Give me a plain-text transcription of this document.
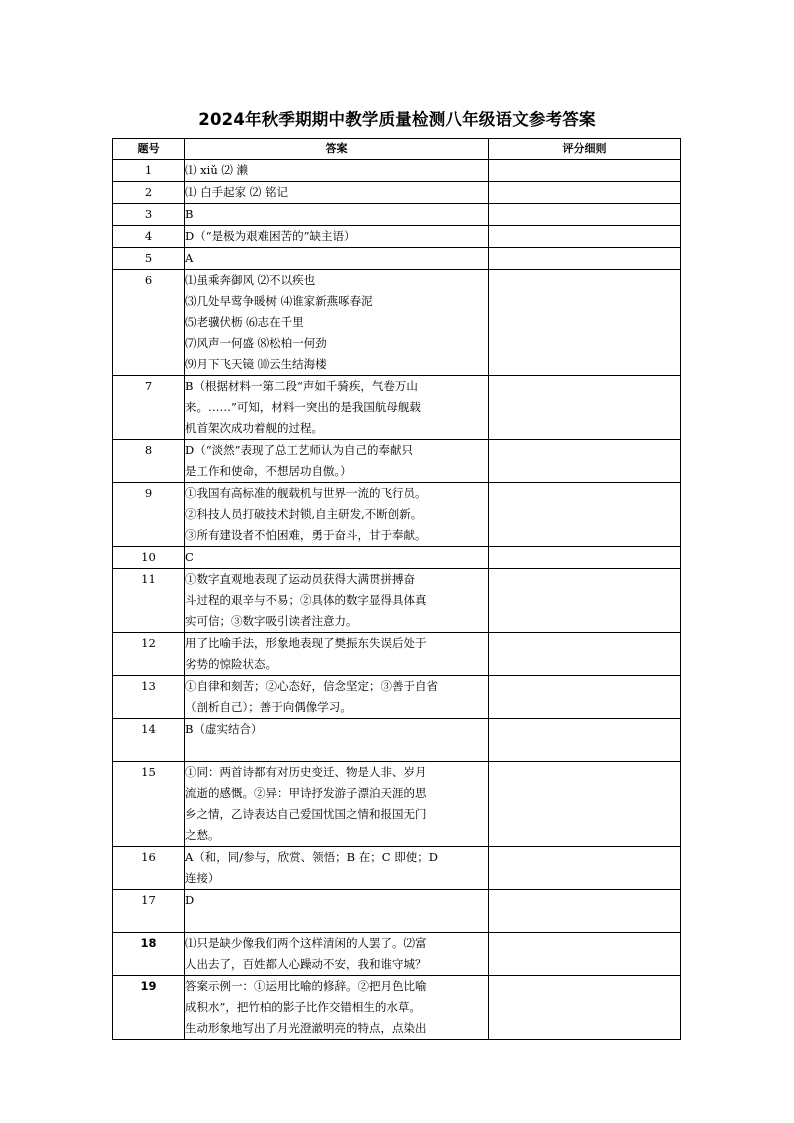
2024年秋季期期中教学质量检测八年级语文参考答案
题号	答案	评分细则
1	⑴ xiǔ ⑵ 濑	

2	⑴ 白手起家 ⑵ 铭记	

3	B	

4	D（“是极为艰难困苦的”缺主语）	

5	A	

6	⑴虽乘奔御风 ⑵不以疾也
⑶几处早莺争暖树 ⑷谁家新燕啄春泥
⑸老骥伏枥 ⑹志在千里
⑺风声一何盛 ⑻松柏一何劲
⑼月下飞天镜 ⑽云生结海楼	

7	B（根据材料一第二段“声如千骑疾，气卷万山
来。……”可知，材料一突出的是我国航母舰载
机首架次成功着舰的过程。	

8	D（“淡然”表现了总工艺师认为自己的奉献只
是工作和使命，不想居功自傲。）	

9	①我国有高标准的舰载机与世界一流的飞行员。
②科技人员打破技术封锁,自主研发,不断创新。
③所有建设者不怕困难，勇于奋斗，甘于奉献。	

10	C	

11	①数字直观地表现了运动员获得大满贯拼搏奋
斗过程的艰辛与不易；②具体的数字显得具体真
实可信；③数字吸引读者注意力。	

12	用了比喻手法，形象地表现了樊振东失误后处于
劣势的惊险状态。	

13	①自律和刻苦；②心态好，信念坚定；③善于自省
（剖析自己）；善于向偶像学习。	

14	B（虚实结合）	

15	①同：两首诗都有对历史变迁、物是人非、岁月
流逝的感慨。②异：甲诗抒发游子漂泊天涯的思
乡之情，乙诗表达自己爱国忧国之情和报国无门
之愁。	

16	A（和，同/参与，欣赏、领悟；B 在；C 即使；D
连接）	

17	D	

18	⑴只是缺少像我们两个这样清闲的人罢了。⑵富
人出去了，百姓都人心躁动不安，我和谁守城？	

19	答案示例一：①运用比喻的修辞。②把月色比喻
成积水”，把竹柏的影子比作交错相生的水草。
生动形象地写出了月光澄澈明亮的特点，点染出	
